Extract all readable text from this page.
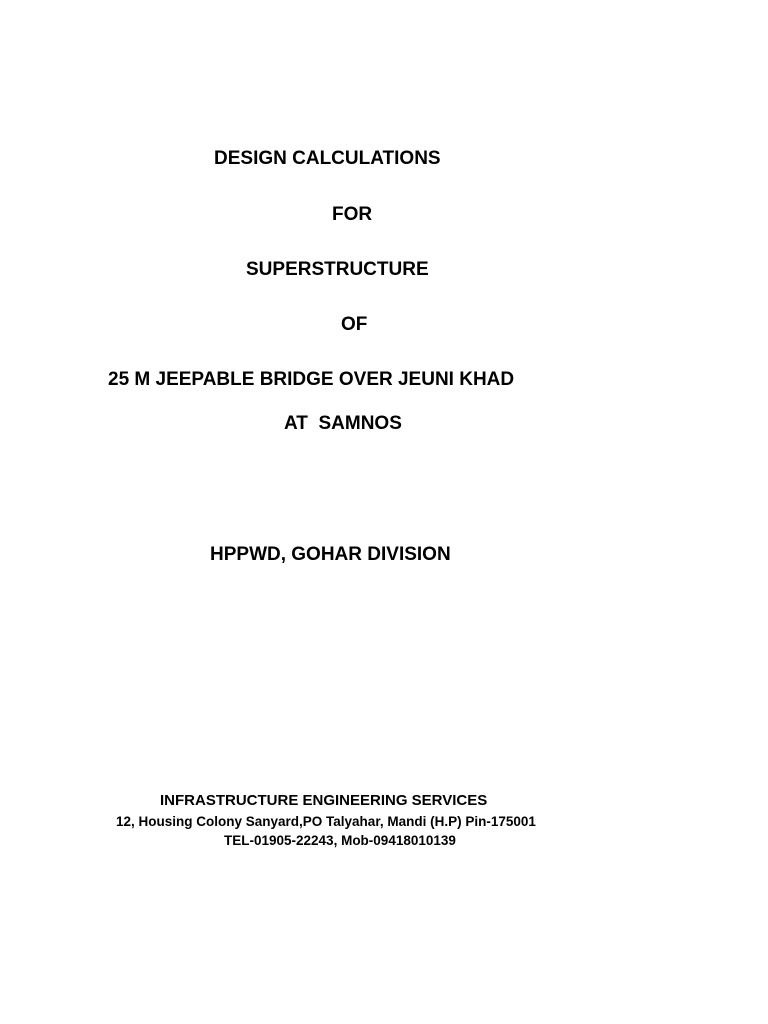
DESIGN CALCULATIONS
FOR
SUPERSTRUCTURE
OF
25 M JEEPABLE BRIDGE OVER JEUNI KHAD
AT  SAMNOS
HPPWD, GOHAR DIVISION
INFRASTRUCTURE ENGINEERING SERVICES
12, Housing Colony Sanyard,PO Talyahar, Mandi (H.P) Pin-175001
TEL-01905-22243, Mob-09418010139
